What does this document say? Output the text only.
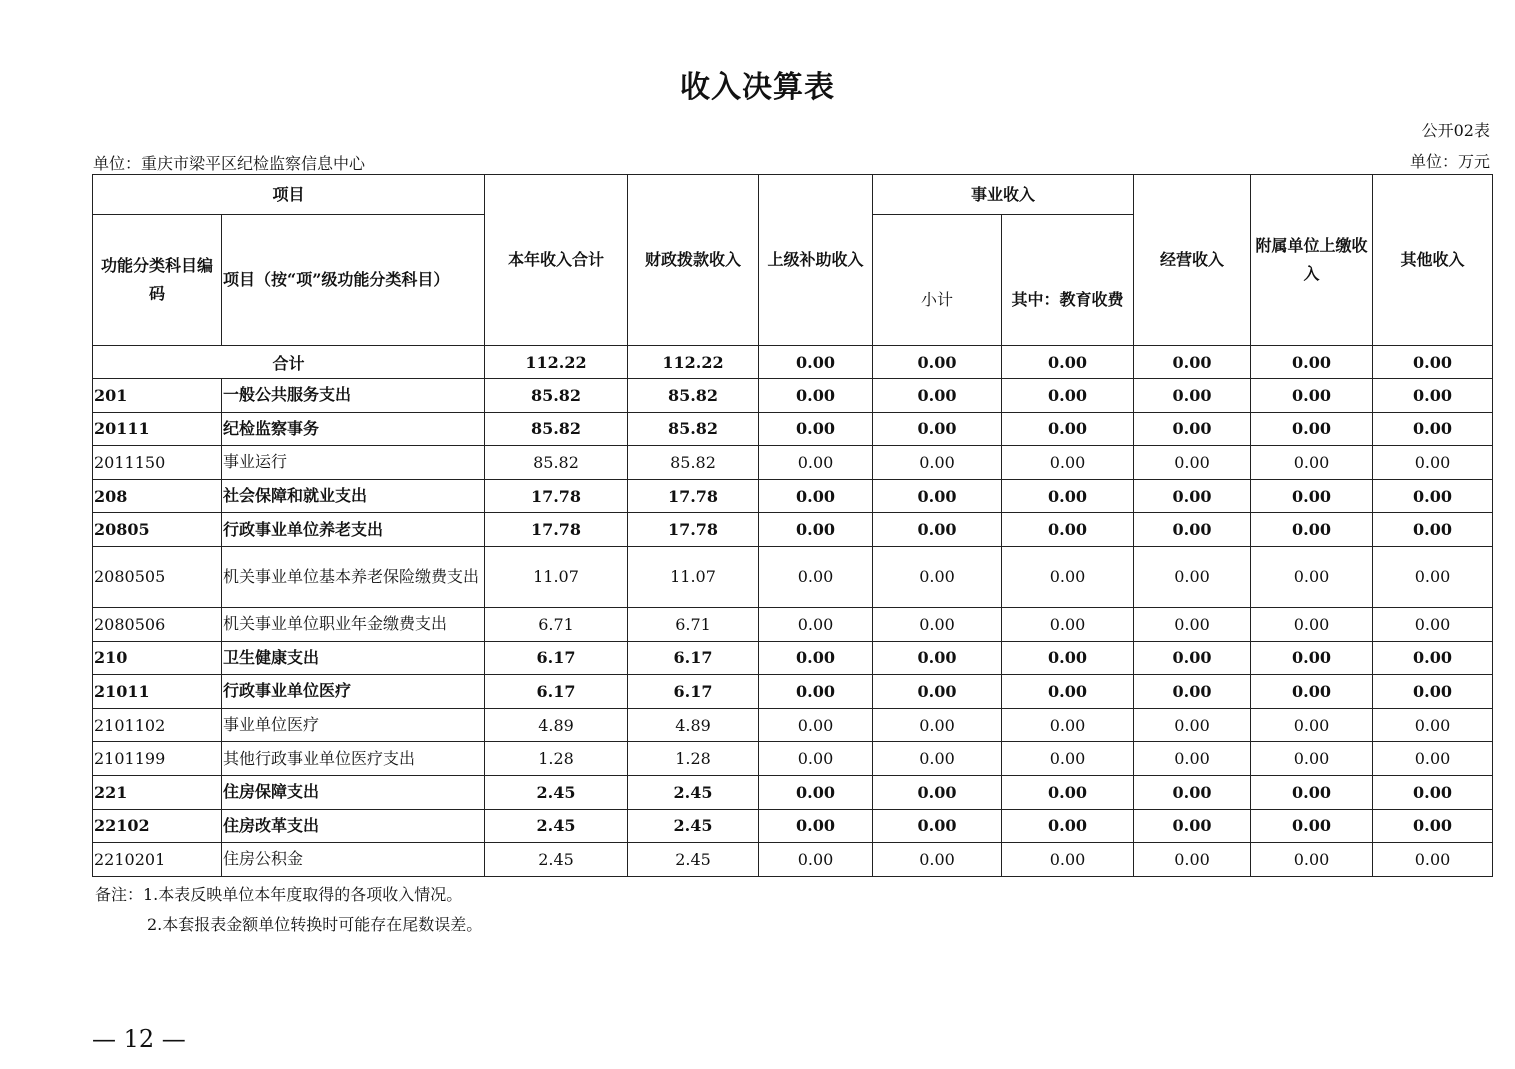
收入决算表
公开02表
单位：重庆市梁平区纪检监察信息中心	单位：万元
项目		本年收入合计	财政拨款收入	上级补助收入	事业收入		经营收入	附属单位上缴收入	其他收入
功能分类科目编码	项目（按“项”级功能分类科目）				小计	其中：教育收费			
合计		112.22	112.22	0.00	0.00	0.00	0.00	0.00	0.00
201	一般公共服务支出	85.82	85.82	0.00	0.00	0.00	0.00	0.00	0.00
20111	纪检监察事务	85.82	85.82	0.00	0.00	0.00	0.00	0.00	0.00
2011150	事业运行	85.82	85.82	0.00	0.00	0.00	0.00	0.00	0.00
208	社会保障和就业支出	17.78	17.78	0.00	0.00	0.00	0.00	0.00	0.00
20805	行政事业单位养老支出	17.78	17.78	0.00	0.00	0.00	0.00	0.00	0.00
2080505	机关事业单位基本养老保险缴费支出	11.07	11.07	0.00	0.00	0.00	0.00	0.00	0.00
2080506	机关事业单位职业年金缴费支出	6.71	6.71	0.00	0.00	0.00	0.00	0.00	0.00
210	卫生健康支出	6.17	6.17	0.00	0.00	0.00	0.00	0.00	0.00
21011	行政事业单位医疗	6.17	6.17	0.00	0.00	0.00	0.00	0.00	0.00
2101102	事业单位医疗	4.89	4.89	0.00	0.00	0.00	0.00	0.00	0.00
2101199	其他行政事业单位医疗支出	1.28	1.28	0.00	0.00	0.00	0.00	0.00	0.00
221	住房保障支出	2.45	2.45	0.00	0.00	0.00	0.00	0.00	0.00
22102	住房改革支出	2.45	2.45	0.00	0.00	0.00	0.00	0.00	0.00
2210201	住房公积金	2.45	2.45	0.00	0.00	0.00	0.00	0.00	0.00
备注：1.本表反映单位本年度取得的各项收入情况。
2.本套报表金额单位转换时可能存在尾数误差。
— 12 —
